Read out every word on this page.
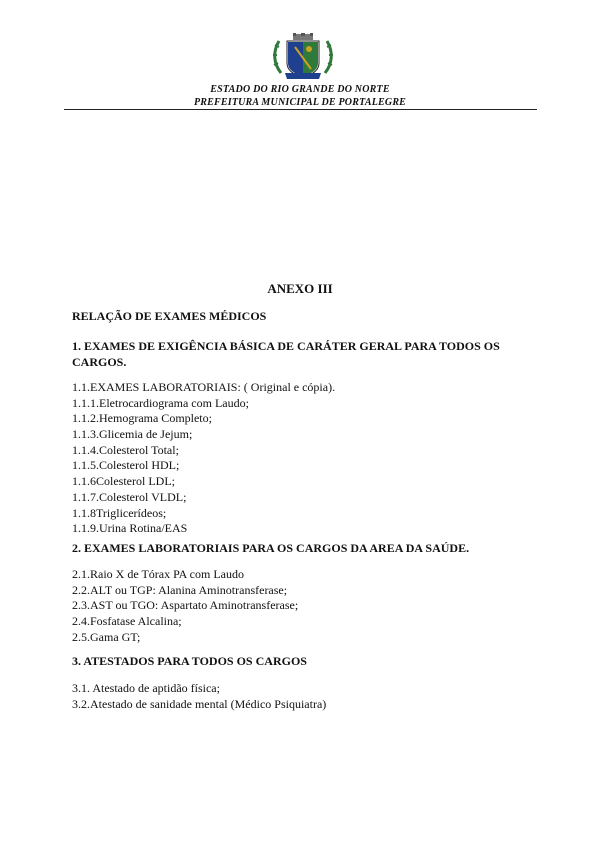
ESTADO DO RIO GRANDE DO NORTE
PREFEITURA MUNICIPAL DE PORTALEGRE
ANEXO III
RELAÇÃO DE EXAMES MÉDICOS
1. EXAMES DE EXIGÊNCIA BÁSICA DE CARÁTER GERAL PARA TODOS OS CARGOS.
1.1.EXAMES LABORATORIAIS: ( Original e cópia).
1.1.1.Eletrocardiograma com Laudo;
1.1.2.Hemograma Completo;
1.1.3.Glicemia de Jejum;
1.1.4.Colesterol Total;
1.1.5.Colesterol HDL;
1.1.6Colesterol LDL;
1.1.7.Colesterol VLDL;
1.1.8Triglicerídeos;
1.1.9.Urina Rotina/EAS
2. EXAMES LABORATORIAIS PARA OS CARGOS DA AREA DA SAÚDE.
2.1.Raio X de Tórax PA com Laudo
2.2.ALT ou TGP: Alanina Aminotransferase;
2.3.AST ou TGO: Aspartato Aminotransferase;
2.4.Fosfatase Alcalina;
2.5.Gama GT;
3. ATESTADOS PARA TODOS OS CARGOS
3.1. Atestado de aptidão física;
3.2.Atestado de sanidade mental (Médico Psiquiatra)
